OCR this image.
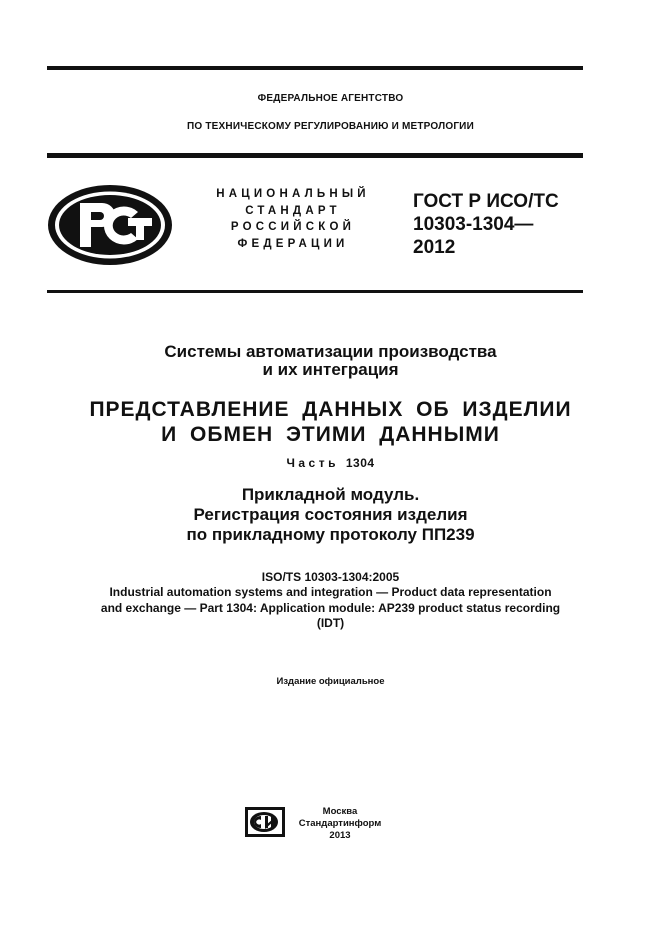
ФЕДЕРАЛЬНОЕ АГЕНТСТВО
ПО ТЕХНИЧЕСКОМУ РЕГУЛИРОВАНИЮ И МЕТРОЛОГИИ
НАЦИОНАЛЬНЫЙ
СТАНДАРТ
РОССИЙСКОЙ
ФЕДЕРАЦИИ
ГОСТ Р ИСО/ТС
10303-1304—
2012
Системы автоматизации производства
и их интеграция
ПРЕДСТАВЛЕНИЕ ДАННЫХ ОБ ИЗДЕЛИИ
И ОБМЕН ЭТИМИ ДАННЫМИ
Часть 1304
Прикладной модуль.
Регистрация состояния изделия
по прикладному протоколу ПП239
ISO/TS 10303-1304:2005
Industrial automation systems and integration — Product data representation
and exchange — Part 1304: Application module: AP239 product status recording
(IDT)
Издание официальное
Москва
Стандартинформ
2013
